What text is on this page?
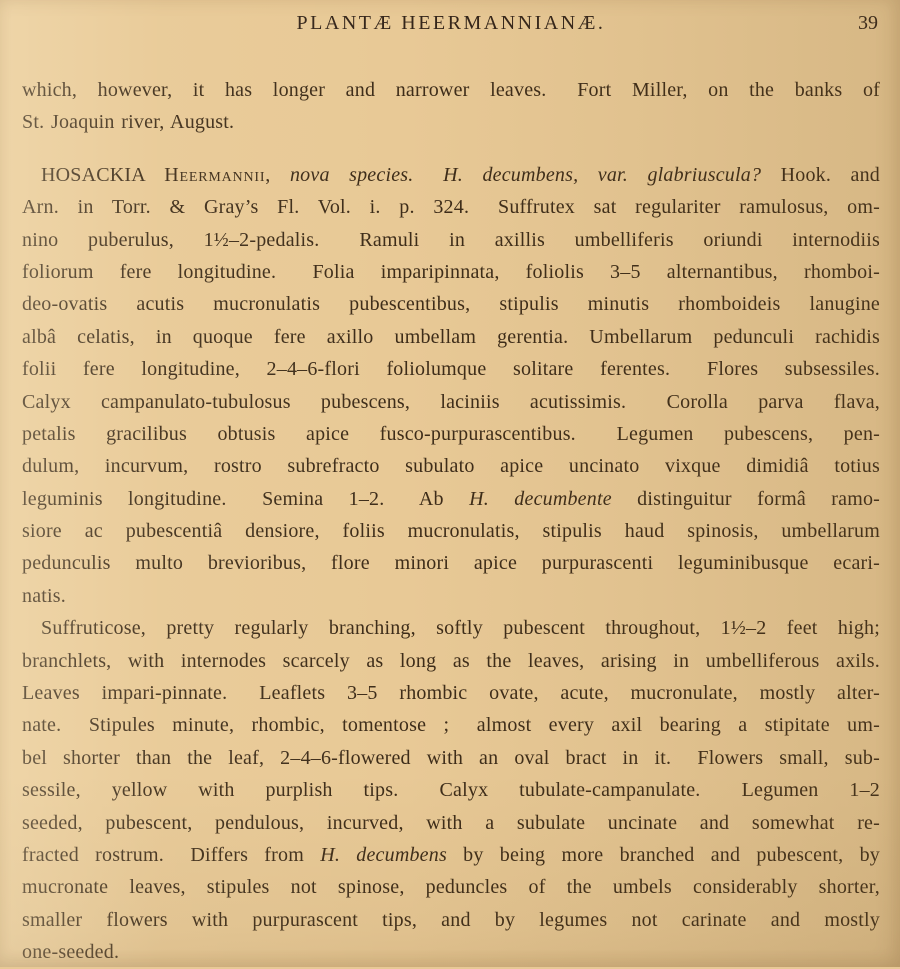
PLANTÆ HEERMANNIANÆ.	39
which, however, it has longer and narrower leaves.  Fort Miller, on the banks of
St. Joaquin river, August.
HOSACKIA Heermannii, nova species.  H. decumbens, var. glabriuscula? Hook. and
Arn. in Torr. & Gray’s Fl. Vol. i. p. 324.  Suffrutex sat regulariter ramulosus, om-
nino puberulus, 1½–2-pedalis.  Ramuli in axillis umbelliferis oriundi internodiis
foliorum fere longitudine.  Folia imparipinnata, foliolis 3–5 alternantibus, rhomboi-
deo-ovatis acutis mucronulatis pubescentibus, stipulis minutis rhomboideis lanugine
albâ celatis, in quoque fere axillo umbellam gerentia. Umbellarum pedunculi rachidis
folii fere longitudine, 2–4–6-flori foliolumque solitare ferentes.  Flores subsessiles.
Calyx campanulato-tubulosus pubescens, laciniis acutissimis.  Corolla parva flava,
petalis gracilibus obtusis apice fusco-purpurascentibus.  Legumen pubescens, pen-
dulum, incurvum, rostro subrefracto subulato apice uncinato vixque dimidiâ totius
leguminis longitudine.  Semina 1–2.  Ab H. decumbente distinguitur formâ ramo-
siore ac pubescentiâ densiore, foliis mucronulatis, stipulis haud spinosis, umbellarum
pedunculis multo brevioribus, flore minori apice purpurascenti leguminibusque ecari-
natis.
Suffruticose, pretty regularly branching, softly pubescent throughout, 1½–2 feet high;
branchlets, with internodes scarcely as long as the leaves, arising in umbelliferous axils.
Leaves impari-pinnate.  Leaflets 3–5 rhombic ovate, acute, mucronulate, mostly alter-
nate.  Stipules minute, rhombic, tomentose ;  almost every axil bearing a stipitate um-
bel shorter than the leaf, 2–4–6-flowered with an oval bract in it.  Flowers small, sub-
sessile, yellow with purplish tips.  Calyx tubulate-campanulate.  Legumen 1–2
seeded, pubescent, pendulous, incurved, with a subulate uncinate and somewhat re-
fracted rostrum.  Differs from H. decumbens by being more branched and pubescent, by
mucronate leaves, stipules not spinose, peduncles of the umbels considerably shorter,
smaller flowers with purpurascent tips, and by legumes not carinate and mostly
one-seeded.
